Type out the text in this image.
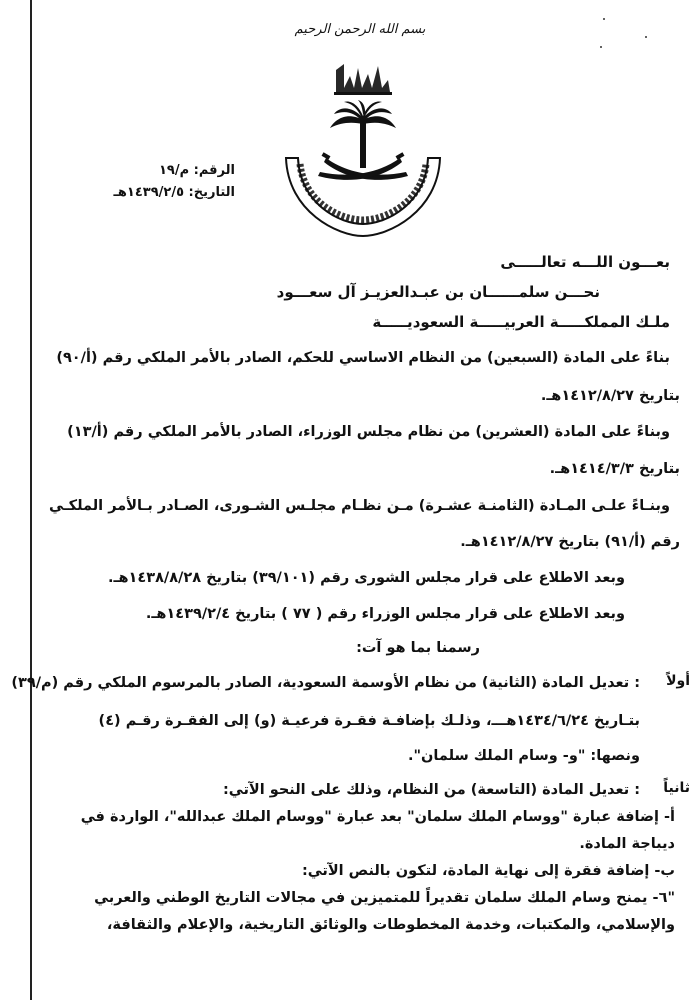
بسم الله الرحمن الرحيم
الرقم: م/١٩
التاريخ: ١٤٣٩/٢/٥هـ
بعـــون اللـــه تعالـــــى
نحـــن سلمــــــان بن عبـدالعزيـز آل سعـــود
ملـك المملكـــــة العربيـــــة السعوديـــــة
بناءً على المادة (السبعين) من النظام الاساسي للحكم، الصادر بالأمر الملكي رقم (أ/٩٠)
بتاريخ ١٤١٢/٨/٢٧هـ.
وبناءً على المادة (العشرين) من نظام مجلس الوزراء، الصادر بالأمر الملكي رقم (أ/١٣)
بتاريخ ١٤١٤/٣/٣هـ.
وبنـاءً علـى المـادة (الثامنـة عشـرة) مـن نظـام مجلـس الشـورى، الصـادر بـالأمر الملكـي
رقم (أ/٩١) بتاريخ ١٤١٢/٨/٢٧هـ.
وبعد الاطلاع على قرار مجلس الشورى رقم (٣٩/١٠١) بتاريخ ١٤٣٨/٨/٢٨هـ.
وبعد الاطلاع على قرار مجلس الوزراء رقم ( ٧٧ ) بتاريخ ١٤٣٩/٢/٤هـ.
رسمنا بما هو آت:
أولاً
: تعديل المادة (الثانية) من نظام الأوسمة السعودية، الصادر بالمرسوم الملكي رقم (م/٣٩)
بتـاريخ ١٤٣٤/٦/٢٤هـــ، وذلـك بإضافـة فقـرة فرعيـة (و) إلى الفقـرة رقـم (٤)
ونصها: "و- وسام الملك سلمان".
ثانياً
: تعديل المادة (التاسعة) من النظام، وذلك على النحو الآتي:
أ- إضافة عبارة "ووسام الملك سلمان" بعد عبارة "ووسام الملك عبدالله"، الواردة في
ديباجة المادة.
ب- إضافة فقرة إلى نهاية المادة، لتكون بالنص الآتي:
"٦- يمنح وسام الملك سلمان تقديراً للمتميزين في مجالات التاريخ الوطني والعربي
والإسلامي، والمكتبات، وخدمة المخطوطات والوثائق التاريخية، والإعلام والثقافة،
